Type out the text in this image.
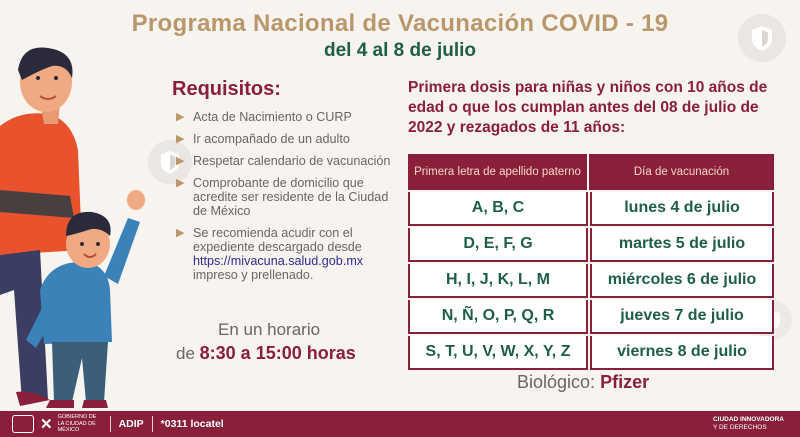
Programa Nacional de Vacunación COVID - 19
del 4 al 8 de julio
Requisitos:
▶ Acta de Nacimiento o CURP
▶ Ir acompañado de un adulto
▶ Respetar calendario de vacunación
▶ Comprobante de domicilio que acredite ser residente de la Ciudad de México
▶ Se recomienda acudir con el expediente descargado desde
https://mivacuna.salud.gob.mx
impreso y prellenado.
En un horario
de 8:30 a 15:00 horas
Primera dosis para niñas y niños con 10 años de edad o que los cumplan antes del 08 de julio de 2022 y rezagados de 11 años:
Primera letra de apellido paterno	Día de vacunación
A, B, C	lunes 4 de julio
D, E, F, G	martes 5 de julio
H, I, J, K, L, M	miércoles 6 de julio
N, Ñ, O, P, Q, R	jueves 7 de julio
S, T, U, V, W, X, Y, Z	viernes 8 de julio
Biológico: Pfizer
✕ GOBIERNO DE LA CIUDAD DE MÉXICO
ADIP *0311 locatel	CIUDAD INNOVADORA
Y DE DERECHOS
